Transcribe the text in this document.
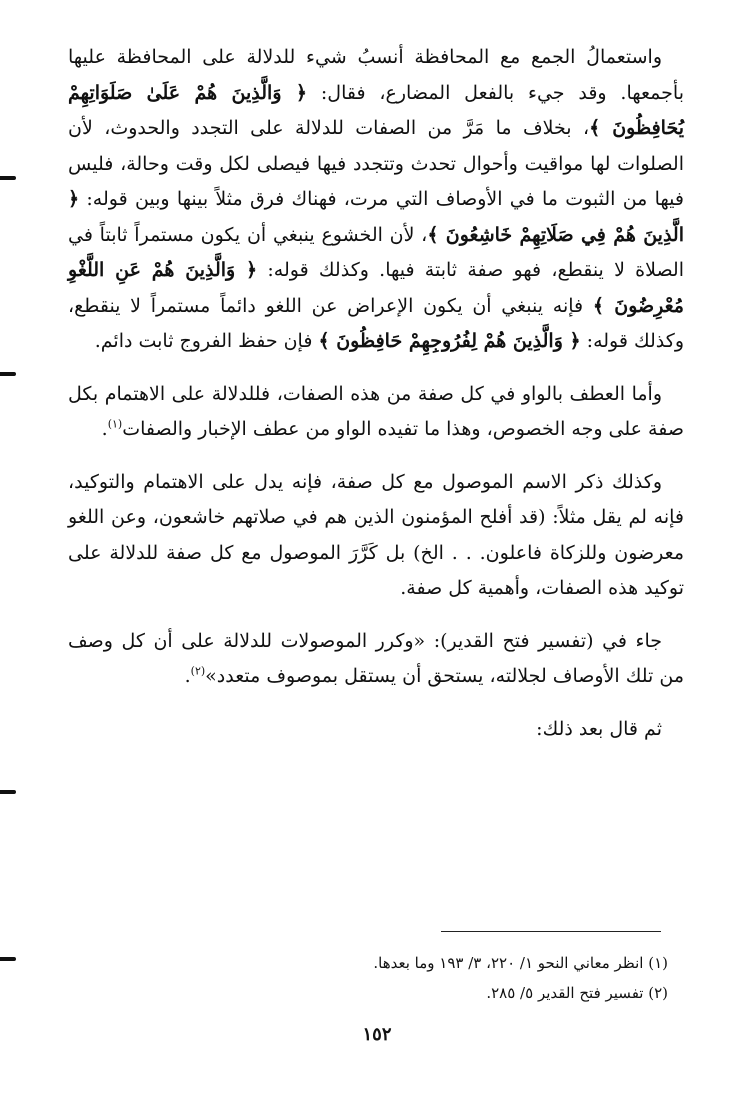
واستعمالُ الجمع مع المحافظة أنسبُ شيء للدلالة على المحافظة عليها بأجمعها. وقد جيء بالفعل المضارع، فقال: ﴿ وَالَّذِينَ هُمْ عَلَىٰ صَلَوَاتِهِمْ يُحَافِظُونَ ﴾، بخلاف ما مَرَّ من الصفات للدلالة على التجدد والحدوث، لأن الصلوات لها مواقيت وأحوال تحدث وتتجدد فيها فيصلى لكل وقت وحالة، فليس فيها من الثبوت ما في الأوصاف التي مرت، فهناك فرق مثلاً بينها وبين قوله: ﴿ الَّذِينَ هُمْ فِي صَلَاتِهِمْ خَاشِعُونَ ﴾، لأن الخشوع ينبغي أن يكون مستمراً ثابتاً في الصلاة لا ينقطع، فهو صفة ثابتة فيها. وكذلك قوله: ﴿ وَالَّذِينَ هُمْ عَنِ اللَّغْوِ مُعْرِضُونَ ﴾ فإنه ينبغي أن يكون الإعراض عن اللغو دائماً مستمراً لا ينقطع، وكذلك قوله: ﴿ وَالَّذِينَ هُمْ لِفُرُوجِهِمْ حَافِظُونَ ﴾ فإن حفظ الفروج ثابت دائم.

وأما العطف بالواو في كل صفة من هذه الصفات، فللدلالة على الاهتمام بكل صفة على وجه الخصوص، وهذا ما تفيده الواو من عطف الإخبار والصفات$^{(١)}$.

وكذلك ذكر الاسم الموصول مع كل صفة، فإنه يدل على الاهتمام والتوكيد، فإنه لم يقل مثلاً: (قد أفلح المؤمنون الذين هم في صلاتهم خاشعون، وعن اللغو معرضون وللزكاة فاعلون. . . الخ) بل كَرَّرَ الموصول مع كل صفة للدلالة على توكيد هذه الصفات، وأهمية كل صفة.

جاء في (تفسير فتح القدير): «وكرر الموصولات للدلالة على أن كل وصف من تلك الأوصاف لجلالته، يستحق أن يستقل بموصوف متعدد»$^{(٢)}$.

ثم قال بعد ذلك:

(١) انظر معاني النحو ١/ ٢٢٠، ٣/ ١٩٣ وما بعدها.

(٢) تفسير فتح القدير ٥/ ٢٨٥.

١٥٢
